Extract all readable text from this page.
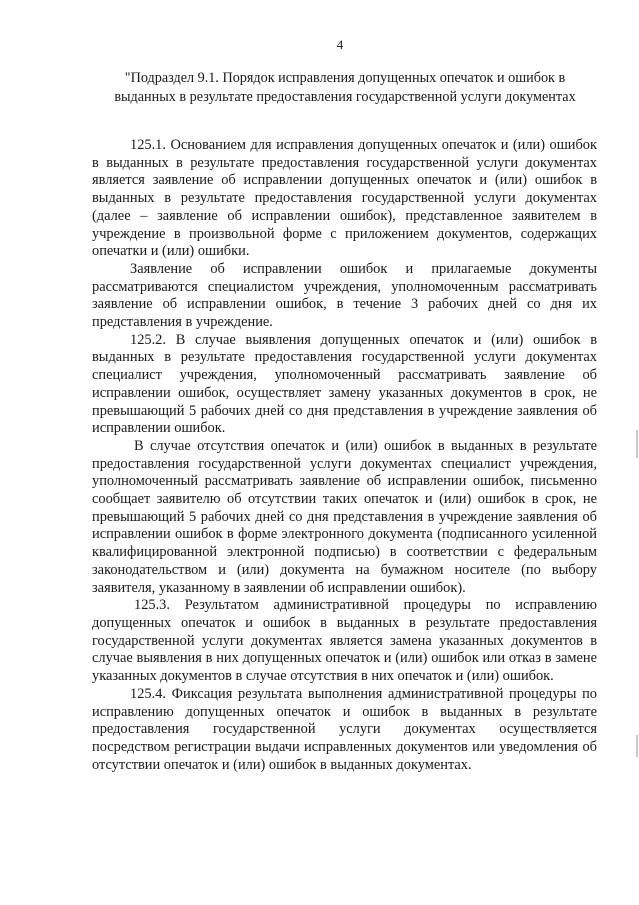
4
"Подраздел 9.1. Порядок исправления допущенных опечаток и ошибок в выданных в результате предоставления государственной услуги документах

125.1. Основанием для исправления допущенных опечаток и (или) ошибок в выданных в результате предоставления государственной услуги документах является заявление об исправлении допущенных опечаток и (или) ошибок в выданных в результате предоставления государственной услуги документах (далее – заявление об исправлении ошибок), представленное заявителем в учреждение в произвольной форме с приложением документов, содержащих опечатки и (или) ошибки.

Заявление об исправлении ошибок и прилагаемые документы рассматриваются специалистом учреждения, уполномоченным рассматривать заявление об исправлении ошибок, в течение 3 рабочих дней со дня их представления в учреждение.

125.2. В случае выявления допущенных опечаток и (или) ошибок в выданных в результате предоставления государственной услуги документах специалист учреждения, уполномоченный рассматривать заявление об исправлении ошибок, осуществляет замену указанных документов в срок, не превышающий 5 рабочих дней со дня представления в учреждение заявления об исправлении ошибок.

В случае отсутствия опечаток и (или) ошибок в выданных в результате предоставления государственной услуги документах специалист учреждения, уполномоченный рассматривать заявление об исправлении ошибок, письменно сообщает заявителю об отсутствии таких опечаток и (или) ошибок в срок, не превышающий 5 рабочих дней со дня представления в учреждение заявления об исправлении ошибок в форме электронного документа (подписанного усиленной квалифицированной электронной подписью) в соответствии с федеральным законодательством и (или) документа на бумажном носителе (по выбору заявителя, указанному в заявлении об исправлении ошибок).

125.3. Результатом административной процедуры по исправлению допущенных опечаток и ошибок в выданных в результате предоставления государственной услуги документах является замена указанных документов в случае выявления в них допущенных опечаток и (или) ошибок или отказ в замене указанных документов в случае отсутствия в них опечаток и (или) ошибок.

125.4. Фиксация результата выполнения административной процедуры по исправлению допущенных опечаток и ошибок в выданных в результате предоставления государственной услуги документах осуществляется посредством регистрации выдачи исправленных документов или уведомления об отсутствии опечаток и (или) ошибок в выданных документах.
